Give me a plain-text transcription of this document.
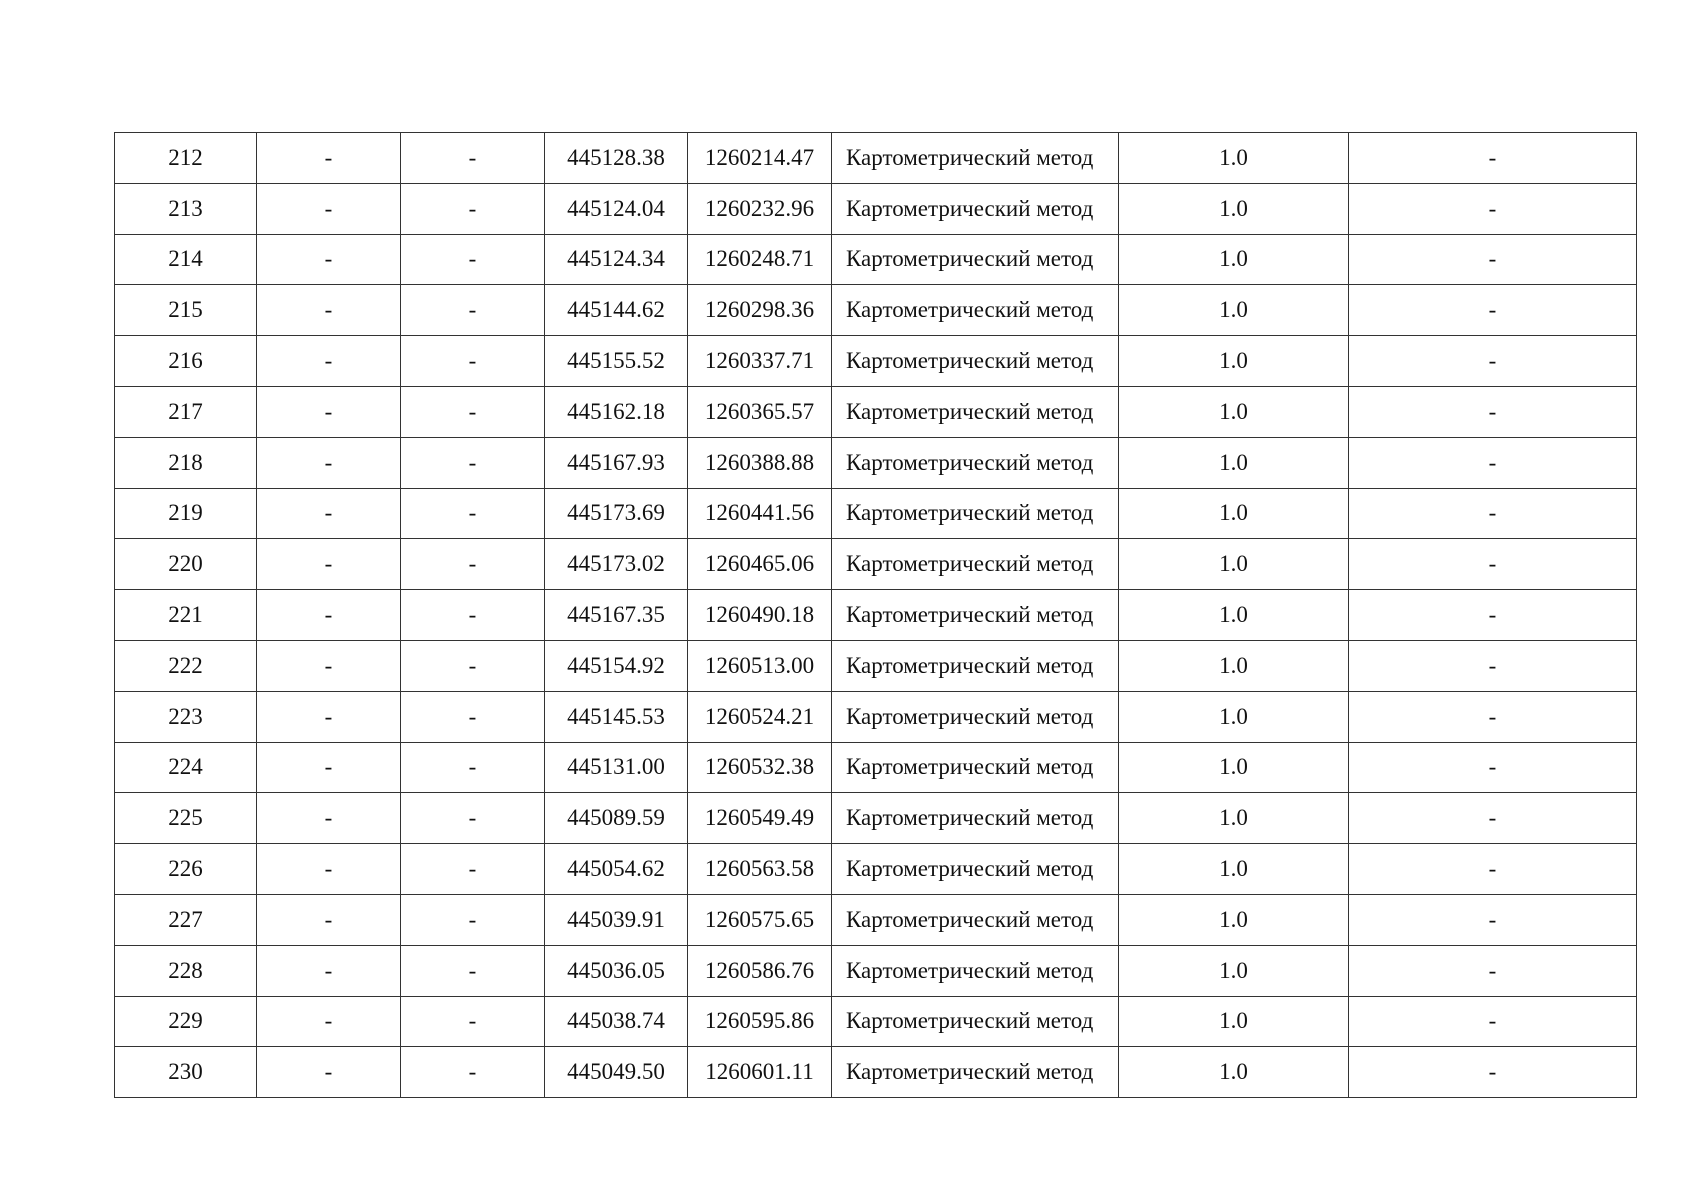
212	-	-	445128.38	1260214.47	Картометрический метод	1.0	-
213	-	-	445124.04	1260232.96	Картометрический метод	1.0	-
214	-	-	445124.34	1260248.71	Картометрический метод	1.0	-
215	-	-	445144.62	1260298.36	Картометрический метод	1.0	-
216	-	-	445155.52	1260337.71	Картометрический метод	1.0	-
217	-	-	445162.18	1260365.57	Картометрический метод	1.0	-
218	-	-	445167.93	1260388.88	Картометрический метод	1.0	-
219	-	-	445173.69	1260441.56	Картометрический метод	1.0	-
220	-	-	445173.02	1260465.06	Картометрический метод	1.0	-
221	-	-	445167.35	1260490.18	Картометрический метод	1.0	-
222	-	-	445154.92	1260513.00	Картометрический метод	1.0	-
223	-	-	445145.53	1260524.21	Картометрический метод	1.0	-
224	-	-	445131.00	1260532.38	Картометрический метод	1.0	-
225	-	-	445089.59	1260549.49	Картометрический метод	1.0	-
226	-	-	445054.62	1260563.58	Картометрический метод	1.0	-
227	-	-	445039.91	1260575.65	Картометрический метод	1.0	-
228	-	-	445036.05	1260586.76	Картометрический метод	1.0	-
229	-	-	445038.74	1260595.86	Картометрический метод	1.0	-
230	-	-	445049.50	1260601.11	Картометрический метод	1.0	-
